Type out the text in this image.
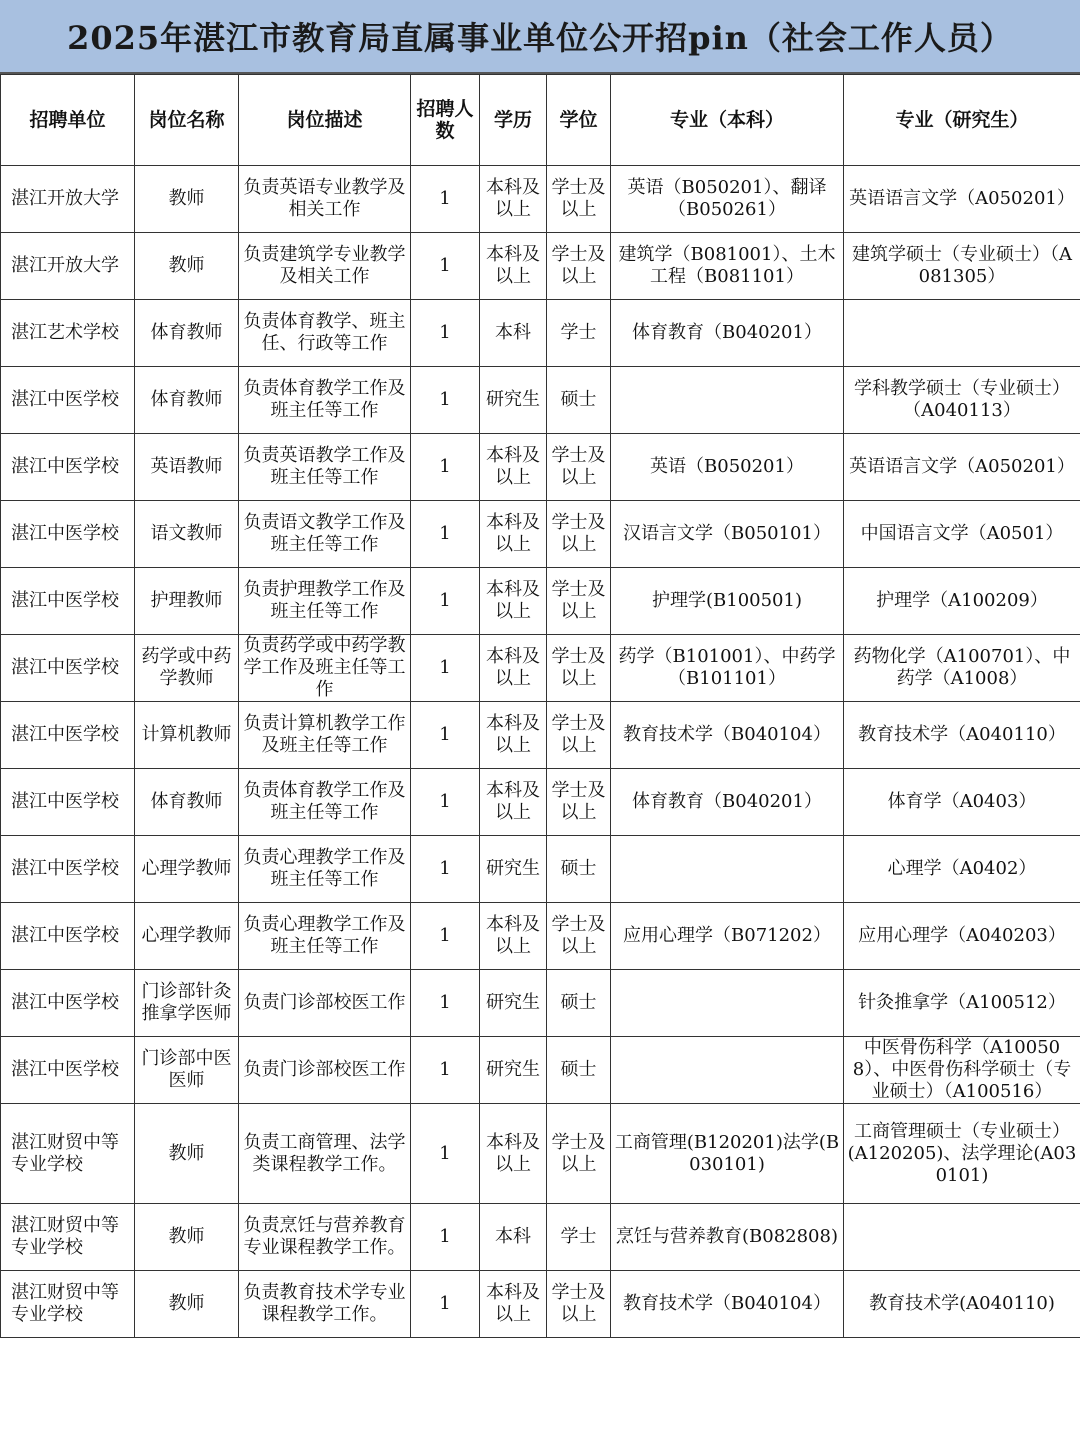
2025年湛江市教育局直属事业单位公开招pin（社会工作人员）
招聘单位	岗位名称	岗位描述	招聘人数	学历	学位	专业（本科）	专业（研究生）
湛江开放大学	教师	负责英语专业教学及相关工作	1	本科及以上	学士及以上	英语（B050201）、翻译（B050261）	英语语言文学（A050201）
湛江开放大学	教师	负责建筑学专业教学及相关工作	1	本科及以上	学士及以上	建筑学（B081001）、土木工程（B081101）	建筑学硕士（专业硕士）（A081305）
湛江艺术学校	体育教师	负责体育教学、班主任、行政等工作	1	本科	学士	体育教育（B040201）	
湛江中医学校	体育教师	负责体育教学工作及班主任等工作	1	研究生	硕士		学科教学硕士（专业硕士）（A040113）
湛江中医学校	英语教师	负责英语教学工作及班主任等工作	1	本科及以上	学士及以上	英语（B050201）	英语语言文学（A050201）
湛江中医学校	语文教师	负责语文教学工作及班主任等工作	1	本科及以上	学士及以上	汉语言文学（B050101）	中国语言文学（A0501）
湛江中医学校	护理教师	负责护理教学工作及班主任等工作	1	本科及以上	学士及以上	护理学(B100501)	护理学（A100209）
湛江中医学校	药学或中药学教师	负责药学或中药学教学工作及班主任等工作	1	本科及以上	学士及以上	药学（B101001）、中药学（B101101）	药物化学（A100701）、中药学（A1008）
湛江中医学校	计算机教师	负责计算机教学工作及班主任等工作	1	本科及以上	学士及以上	教育技术学（B040104）	教育技术学（A040110）
湛江中医学校	体育教师	负责体育教学工作及班主任等工作	1	本科及以上	学士及以上	体育教育（B040201）	体育学（A0403）
湛江中医学校	心理学教师	负责心理教学工作及班主任等工作	1	研究生	硕士		心理学（A0402）
湛江中医学校	心理学教师	负责心理教学工作及班主任等工作	1	本科及以上	学士及以上	应用心理学（B071202）	应用心理学（A040203）
湛江中医学校	门诊部针灸推拿学医师	负责门诊部校医工作	1	研究生	硕士		针灸推拿学（A100512）
湛江中医学校	门诊部中医医师	负责门诊部校医工作	1	研究生	硕士		中医骨伤科学（A100508）、中医骨伤科学硕士（专业硕士）（A100516）
湛江财贸中等专业学校	教师	负责工商管理、法学类课程教学工作。	1	本科及以上	学士及以上	工商管理(B120201)法学(B030101)	工商管理硕士（专业硕士）(A120205)、法学理论(A030101)
湛江财贸中等专业学校	教师	负责烹饪与营养教育专业课程教学工作。	1	本科	学士	烹饪与营养教育(B082808)	
湛江财贸中等专业学校	教师	负责教育技术学专业课程教学工作。	1	本科及以上	学士及以上	教育技术学（B040104）	教育技术学(A040110)
